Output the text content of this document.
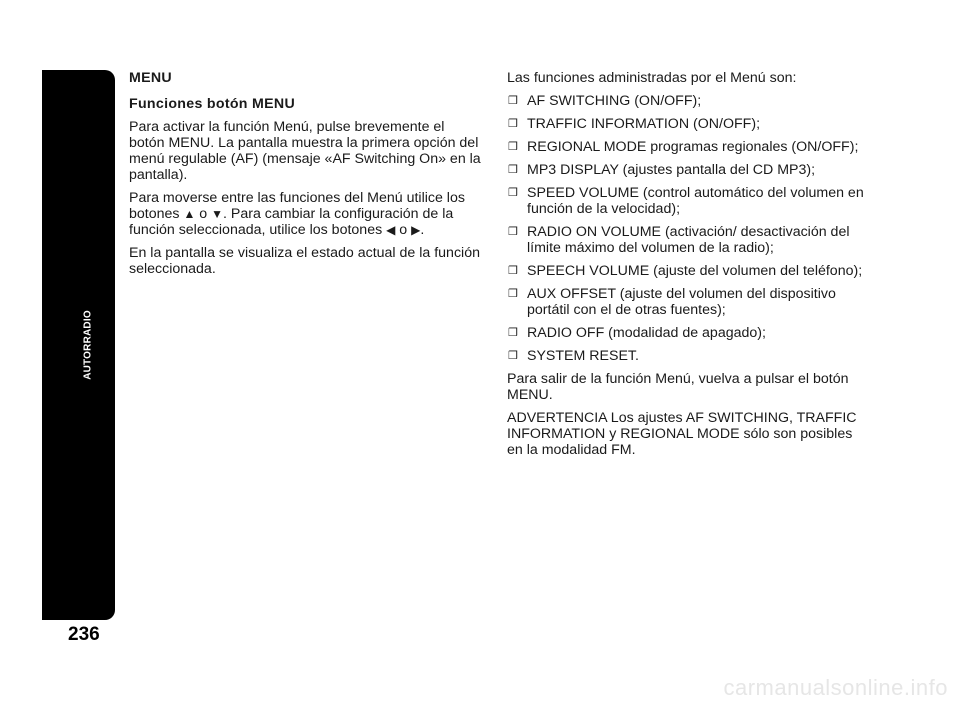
AUTORRADIO
236
MENU
Funciones botón MENU

Para activar la función Menú, pulse brevemente el botón MENU. La pantalla muestra la primera opción del menú regulable (AF) (mensaje «AF Switching On» en la pantalla).

Para moverse entre las funciones del Menú utilice los botones ▲ o ▼. Para cambiar la configuración de la función seleccionada, utilice los botones ◀ o ▶.

En la pantalla se visualiza el estado actual de la función seleccionada.

Las funciones administradas por el Menú son:

❒ AF SWITCHING (ON/OFF);
❒ TRAFFIC INFORMATION (ON/OFF);
❒ REGIONAL MODE programas regionales (ON/OFF);
❒ MP3 DISPLAY (ajustes pantalla del CD MP3);
❒ SPEED VOLUME (control automático del volumen en función de la velocidad);
❒ RADIO ON VOLUME (activación/ desactivación del límite máximo del volumen de la radio);
❒ SPEECH VOLUME (ajuste del volumen del teléfono);
❒ AUX OFFSET (ajuste del volumen del dispositivo portátil con el de otras fuentes);
❒ RADIO OFF (modalidad de apagado);
❒ SYSTEM RESET.

Para salir de la función Menú, vuelva a pulsar el botón MENU.

ADVERTENCIA Los ajustes AF SWITCHING, TRAFFIC INFORMATION y REGIONAL MODE sólo son posibles en la modalidad FM.

carmanualsonline.info
